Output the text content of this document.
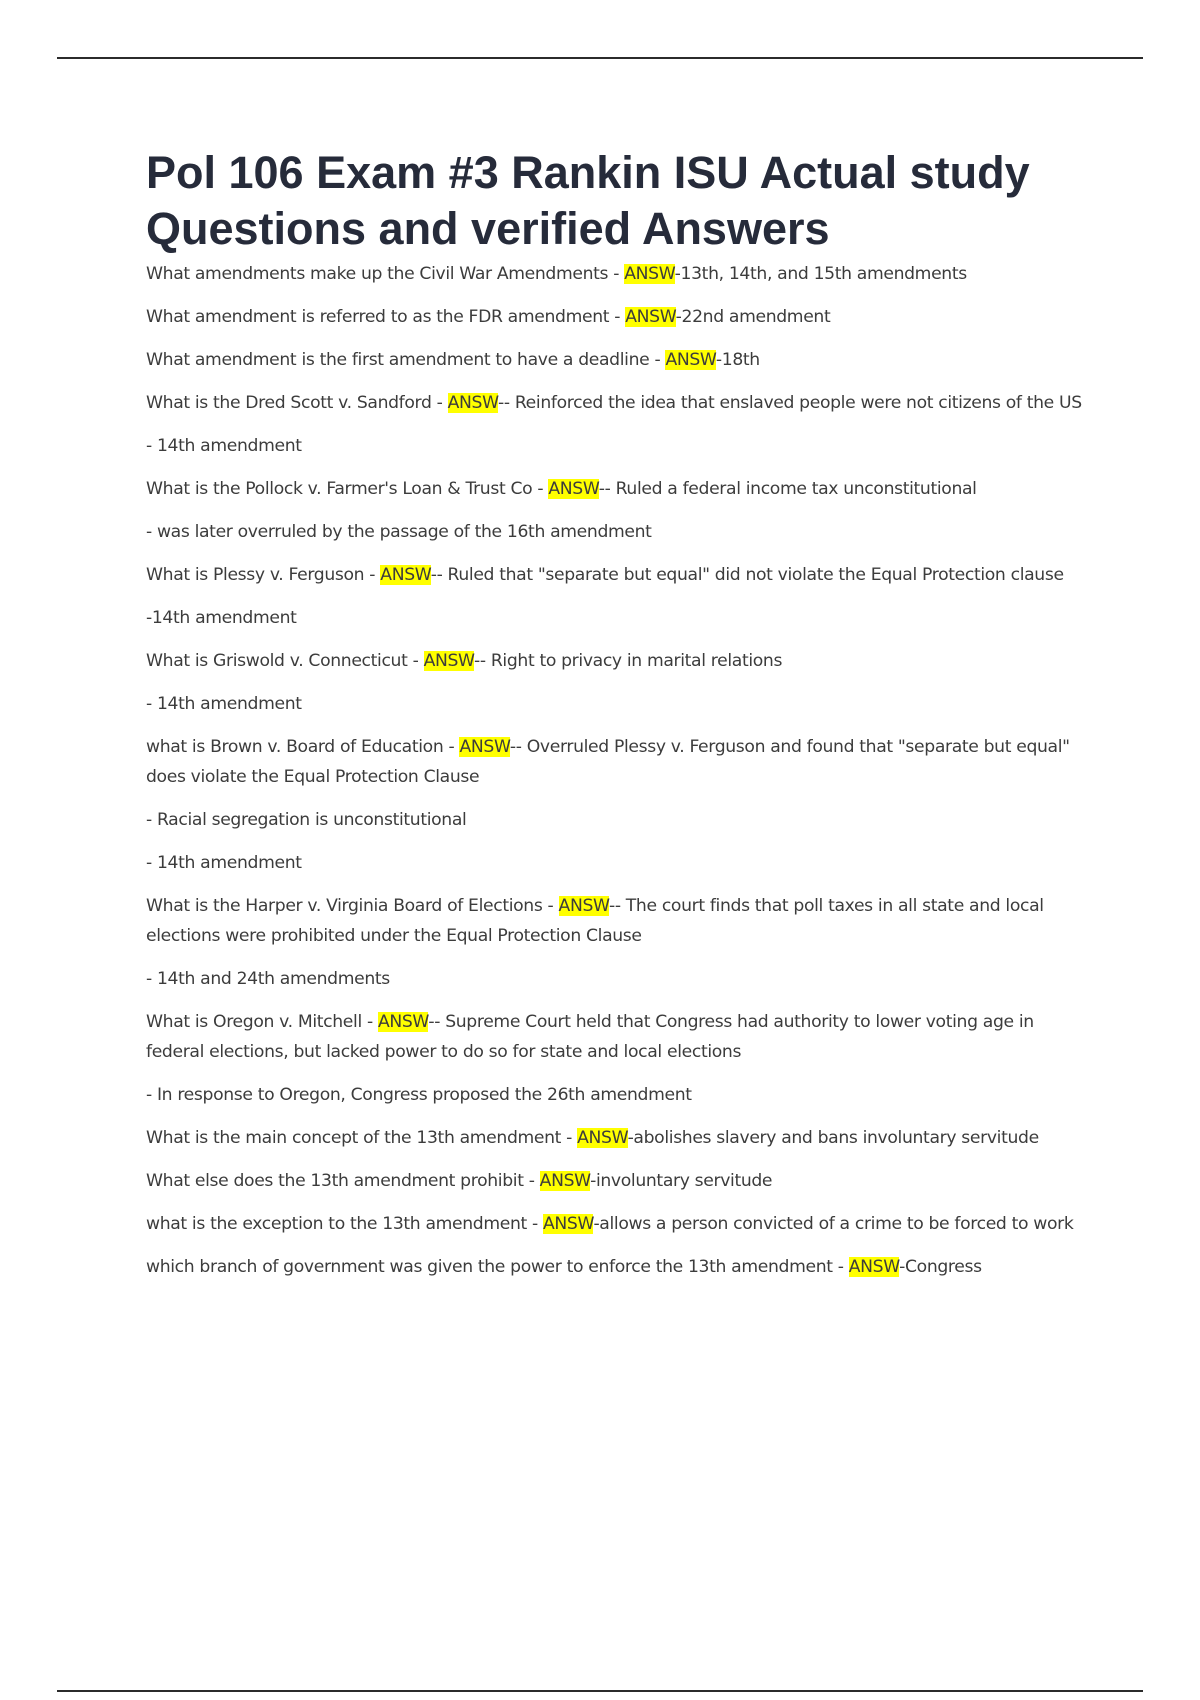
Pol 106 Exam #3 Rankin ISU Actual study Questions and verified Answers

What amendments make up the Civil War Amendments - ANSW-13th, 14th, and 15th amendments

What amendment is referred to as the FDR amendment - ANSW-22nd amendment

What amendment is the first amendment to have a deadline - ANSW-18th

What is the Dred Scott v. Sandford - ANSW-- Reinforced the idea that enslaved people were not citizens of the US

- 14th amendment

What is the Pollock v. Farmer's Loan & Trust Co - ANSW-- Ruled a federal income tax unconstitutional

- was later overruled by the passage of the 16th amendment

What is Plessy v. Ferguson - ANSW-- Ruled that "separate but equal" did not violate the Equal Protection clause

-14th amendment

What is Griswold v. Connecticut - ANSW-- Right to privacy in marital relations

- 14th amendment

what is Brown v. Board of Education - ANSW-- Overruled Plessy v. Ferguson and found that "separate but equal" does violate the Equal Protection Clause

- Racial segregation is unconstitutional

- 14th amendment

What is the Harper v. Virginia Board of Elections - ANSW-- The court finds that poll taxes in all state and local elections were prohibited under the Equal Protection Clause

- 14th and 24th amendments

What is Oregon v. Mitchell - ANSW-- Supreme Court held that Congress had authority to lower voting age in federal elections, but lacked power to do so for state and local elections

- In response to Oregon, Congress proposed the 26th amendment

What is the main concept of the 13th amendment - ANSW-abolishes slavery and bans involuntary servitude

What else does the 13th amendment prohibit - ANSW-involuntary servitude

what is the exception to the 13th amendment - ANSW-allows a person convicted of a crime to be forced to work

which branch of government was given the power to enforce the 13th amendment - ANSW-Congress
